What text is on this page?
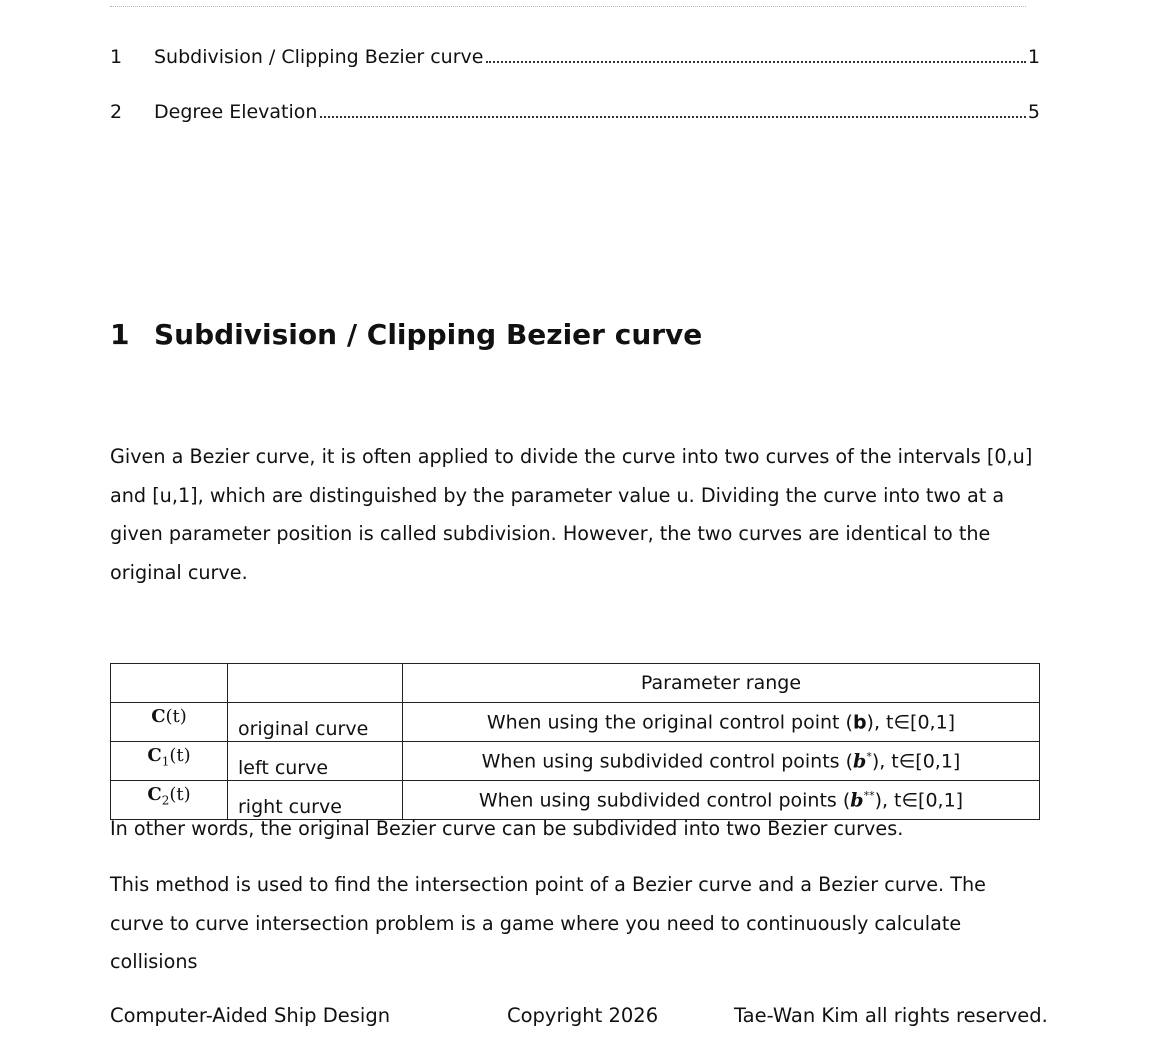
1	Subdivision / Clipping Bezier curve	1
2	Degree Elevation	5
1 Subdivision / Clipping Bezier curve

Given a Bezier curve, it is often applied to divide the curve into two curves of the intervals [0,u] and [u,1], which are distinguished by the parameter value u. Dividing the curve into two at a given parameter position is called subdivision. However, the two curves are identical to the original curve.

		Parameter range
C(t)	original curve	When using the original control point (b), t∈[0,1]
$C_1(t)$	left curve	When using subdivided control points (b*), t∈[0,1]
$C_2(t)$	right curve	When using subdivided control points (b**), t∈[0,1]

In other words, the original Bezier curve can be subdivided into two Bezier curves.

This method is used to find the intersection point of a Bezier curve and a Bezier curve. The curve to curve intersection problem is a game where you need to continuously calculate collisions

Computer-Aided Ship Design	Copyright 2026	Tae-Wan Kim all rights reserved.
